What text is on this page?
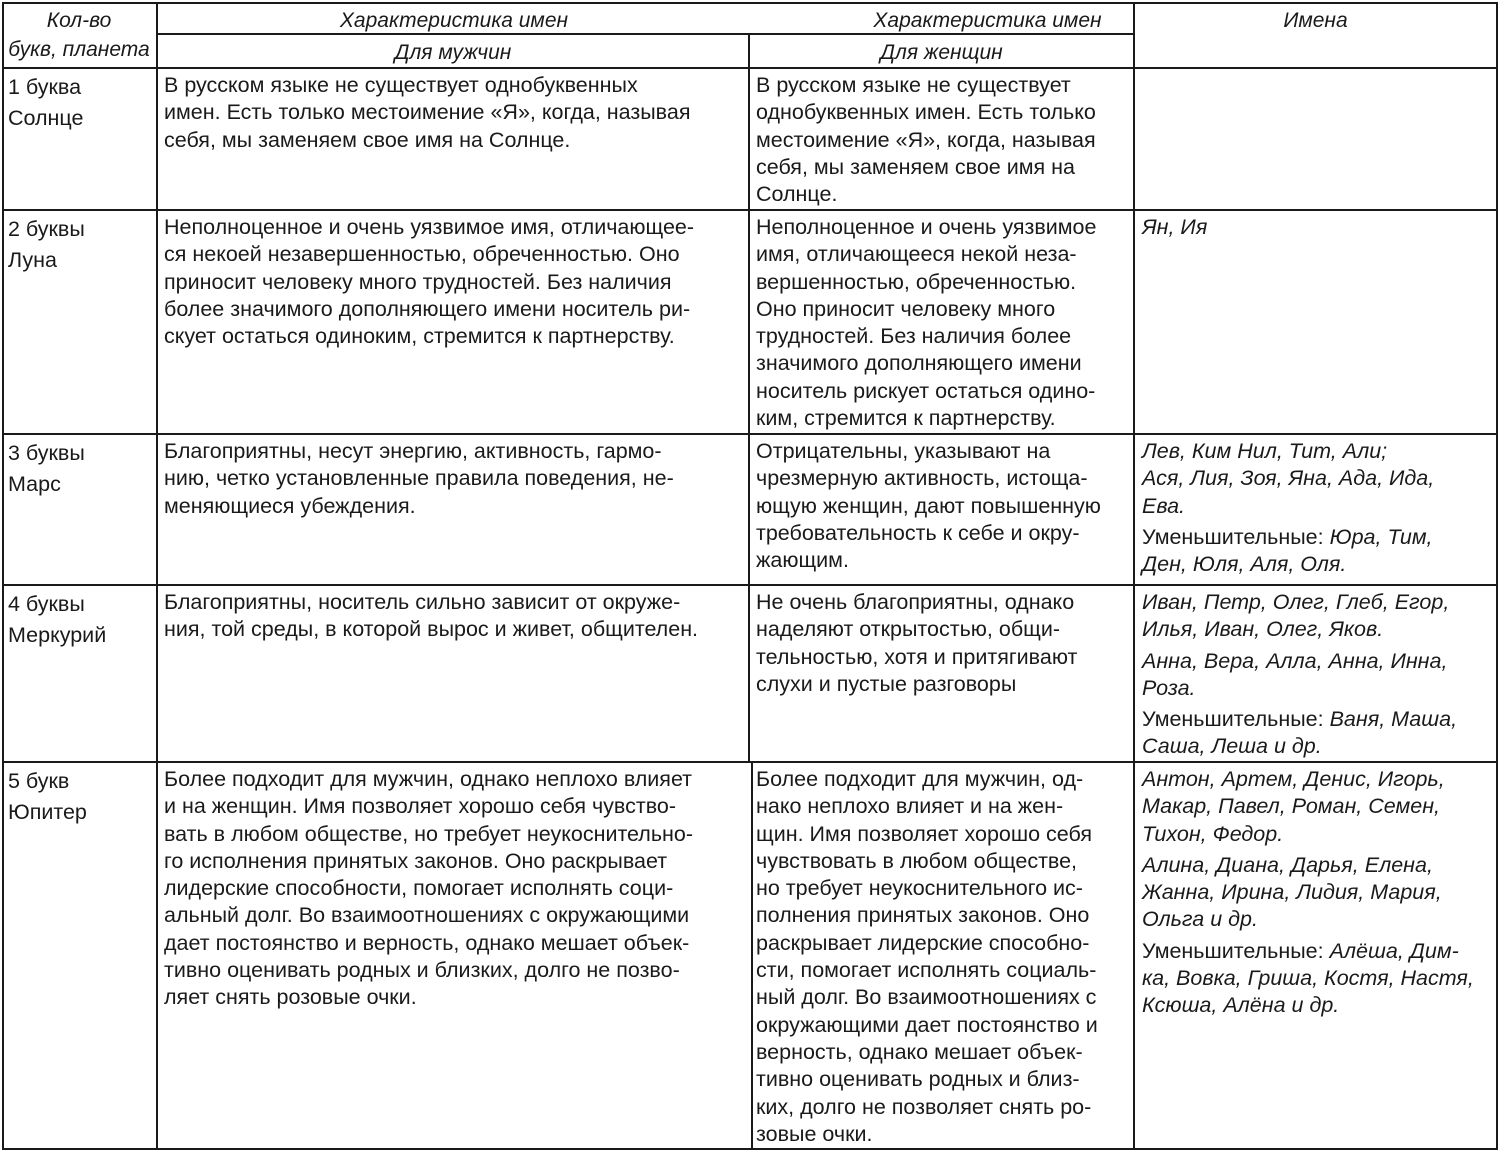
Кол-во
букв, планета
Характеристика имен
Для мужчин
Характеристика имен
Для женщин
Имена
1 буква
Солнце
В русском языке не существует однобуквенных
имен. Есть только местоимение «Я», когда, называя
себя, мы заменяем свое имя на Солнце.
В русском языке не существует
однобуквенных имен. Есть только
местоимение «Я», когда, называя
себя, мы заменяем свое имя на
Солнце.
2 буквы
Луна
Неполноценное и очень уязвимое имя, отличающее-
ся некоей незавершенностью, обреченностью. Оно
приносит человеку много трудностей. Без наличия
более значимого дополняющего имени носитель ри-
скует остаться одиноким, стремится к партнерству.
Неполноценное и очень уязвимое
имя, отличающееся некой неза-
вершенностью, обреченностью.
Оно приносит человеку много
трудностей. Без наличия более
значимого дополняющего имени
носитель рискует остаться одино-
ким, стремится к партнерству.
Ян, Ия
3 буквы
Марс
Благоприятны, несут энергию, активность, гармо-
нию, четко установленные правила поведения, не-
меняющиеся убеждения.
Отрицательны, указывают на
чрезмерную активность, истоща-
ющую женщин, дают повышенную
требовательность к себе и окру-
жающим.
Лев, Ким Нил, Тит, Али;
Ася, Лия, Зоя, Яна, Ада, Ида,
Ева.
Уменьшительные: Юра, Тим,
Ден, Юля, Аля, Оля.
4 буквы
Меркурий
Благоприятны, носитель сильно зависит от окруже-
ния, той среды, в которой вырос и живет, общителен.
Не очень благоприятны, однако
наделяют открытостью, общи-
тельностью, хотя и притягивают
слухи и пустые разговоры
Иван, Петр, Олег, Глеб, Егор,
Илья, Иван, Олег, Яков.
Анна, Вера, Алла, Анна, Инна,
Роза.
Уменьшительные: Ваня, Маша,
Саша, Леша и др.
5 букв
Юпитер
Более подходит для мужчин, однако неплохо влияет
и на женщин. Имя позволяет хорошо себя чувство-
вать в любом обществе, но требует неукоснительно-
го исполнения принятых законов. Оно раскрывает
лидерские способности, помогает исполнять соци-
альный долг. Во взаимоотношениях с окружающими
дает постоянство и верность, однако мешает объек-
тивно оценивать родных и близких, долго не позво-
ляет снять розовые очки.
Более подходит для мужчин, од-
нако неплохо влияет и на жен-
щин. Имя позволяет хорошо себя
чувствовать в любом обществе,
но требует неукоснительного ис-
полнения принятых законов. Оно
раскрывает лидерские способно-
сти, помогает исполнять социаль-
ный долг. Во взаимоотношениях с
окружающими дает постоянство и
верность, однако мешает объек-
тивно оценивать родных и близ-
ких, долго не позволяет снять ро-
зовые очки.
Антон, Артем, Денис, Игорь,
Макар, Павел, Роман, Семен,
Тихон, Федор.
Алина, Диана, Дарья, Елена,
Жанна, Ирина, Лидия, Мария,
Ольга и др.
Уменьшительные: Алёша, Дим-
ка, Вовка, Гриша, Костя, Настя,
Ксюша, Алёна и др.
